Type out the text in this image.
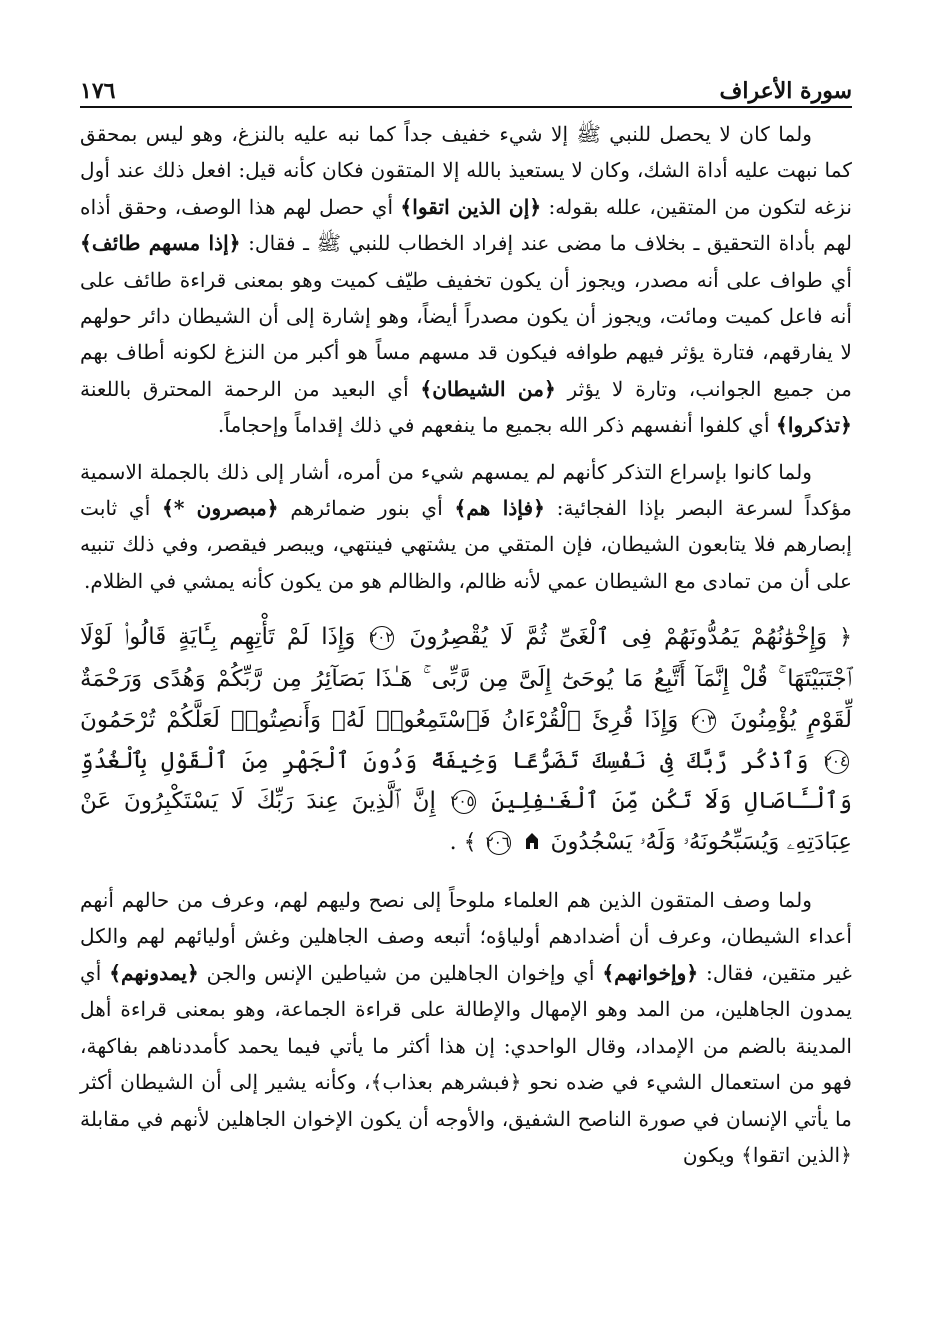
سورة الأعراف
١٧٦

ولما كان لا يحصل للنبي ﷺ إلا شيء خفيف جداً كما نبه عليه بالنزغ، وهو ليس بمحقق كما نبهت عليه أداة الشك، وكان لا يستعيذ بالله إلا المتقون فكان كأنه قيل: افعل ذلك عند أول نزغه لتكون من المتقين، علله بقوله: ﴿إن الذين اتقوا﴾ أي حصل لهم هذا الوصف، وحقق أذاه لهم بأداة التحقيق ـ بخلاف ما مضى عند إفراد الخطاب للنبي ﷺ ـ فقال: ﴿إذا مسهم طائف﴾ أي طواف على أنه مصدر، ويجوز أن يكون تخفيف طيّف كميت وهو بمعنى قراءة طائف على أنه فاعل كميت ومائت، ويجوز أن يكون مصدراً أيضاً، وهو إشارة إلى أن الشيطان دائر حولهم لا يفارقهم، فتارة يؤثر فيهم طوافه فيكون قد مسهم مساً هو أكبر من النزغ لكونه أطاف بهم من جميع الجوانب، وتارة لا يؤثر ﴿من الشيطان﴾ أي البعيد من الرحمة المحترق باللعنة ﴿تذكروا﴾ أي كلفوا أنفسهم ذكر الله بجميع ما ينفعهم في ذلك إقداماً وإحجاماً.

ولما كانوا بإسراع التذكر كأنهم لم يمسهم شيء من أمره، أشار إلى ذلك بالجملة الاسمية مؤكداً لسرعة البصر بإذا الفجائية: ﴿فإذا هم﴾ أي بنور ضمائرهم ﴿مبصرون *﴾ أي ثابت إبصارهم فلا يتابعون الشيطان، فإن المتقي من يشتهي فينتهي، ويبصر فيقصر، وفي ذلك تنبيه على أن من تمادى مع الشيطان عمي لأنه ظالم، والظالم هو من يكون كأنه يمشي في الظلام.

﴿ وَإِخْوَٰنُهُمْ يَمُدُّونَهُمْ فِى ٱلْغَىِّ ثُمَّ لَا يُقْصِرُونَ ٢٠٢ وَإِذَا لَمْ تَأْتِهِم بِـَٔايَةٍ قَالُوا۟ لَوْلَا ٱجْتَبَيْتَهَا ۚ قُلْ إِنَّمَآ أَتَّبِعُ مَا يُوحَىٰٓ إِلَىَّ مِن رَّبِّى ۚ هَـٰذَا بَصَآئِرُ مِن رَّبِّكُمْ وَهُدًى وَرَحْمَةٌ لِّقَوْمٍ يُؤْمِنُونَ ٢٠٣ وَإِذَا قُرِئَ ٱلْقُرْءَانُ فَٱسْتَمِعُوا۟ لَهُۥ وَأَنصِتُوا۟ لَعَلَّكُمْ تُرْحَمُونَ ٢٠٤ وَٱذْكُر رَّبَّكَ فِى نَفْسِكَ تَضَرُّعًا وَخِيفَةً وَدُونَ ٱلْجَهْرِ مِنَ ٱلْقَوْلِ بِٱلْغُدُوِّ وَٱلْـَٔاصَالِ وَلَا تَكُن مِّنَ ٱلْغَـٰفِلِينَ ٢٠٥ إِنَّ ٱلَّذِينَ عِندَ رَبِّكَ لَا يَسْتَكْبِرُونَ عَنْ عِبَادَتِهِۦ وَيُسَبِّحُونَهُۥ وَلَهُۥ يَسْجُدُونَ  ٢٠٦ ﴾ .

ولما وصف المتقون الذين هم العلماء ملوحاً إلى نصح وليهم لهم، وعرف من حالهم أنهم أعداء الشيطان، وعرف أن أضدادهم أولياؤه؛ أتبعه وصف الجاهلين وغش أوليائهم لهم والكل غير متقين، فقال: ﴿وإخوانهم﴾ أي وإخوان الجاهلين من شياطين الإنس والجن ﴿يمدونهم﴾ أي يمدون الجاهلين، من المد وهو الإمهال والإطالة على قراءة الجماعة، وهو بمعنى قراءة أهل المدينة بالضم من الإمداد، وقال الواحدي: إن هذا أكثر ما يأتي فيما يحمد كأمددناهم بفاكهة، فهو من استعمال الشيء في ضده نحو ﴿فبشرهم بعذاب﴾، وكأنه يشير إلى أن الشيطان أكثر ما يأتي الإنسان في صورة الناصح الشفيق، والأوجه أن يكون الإخوان الجاهلين لأنهم في مقابلة ﴿الذين اتقوا﴾ ويكون
